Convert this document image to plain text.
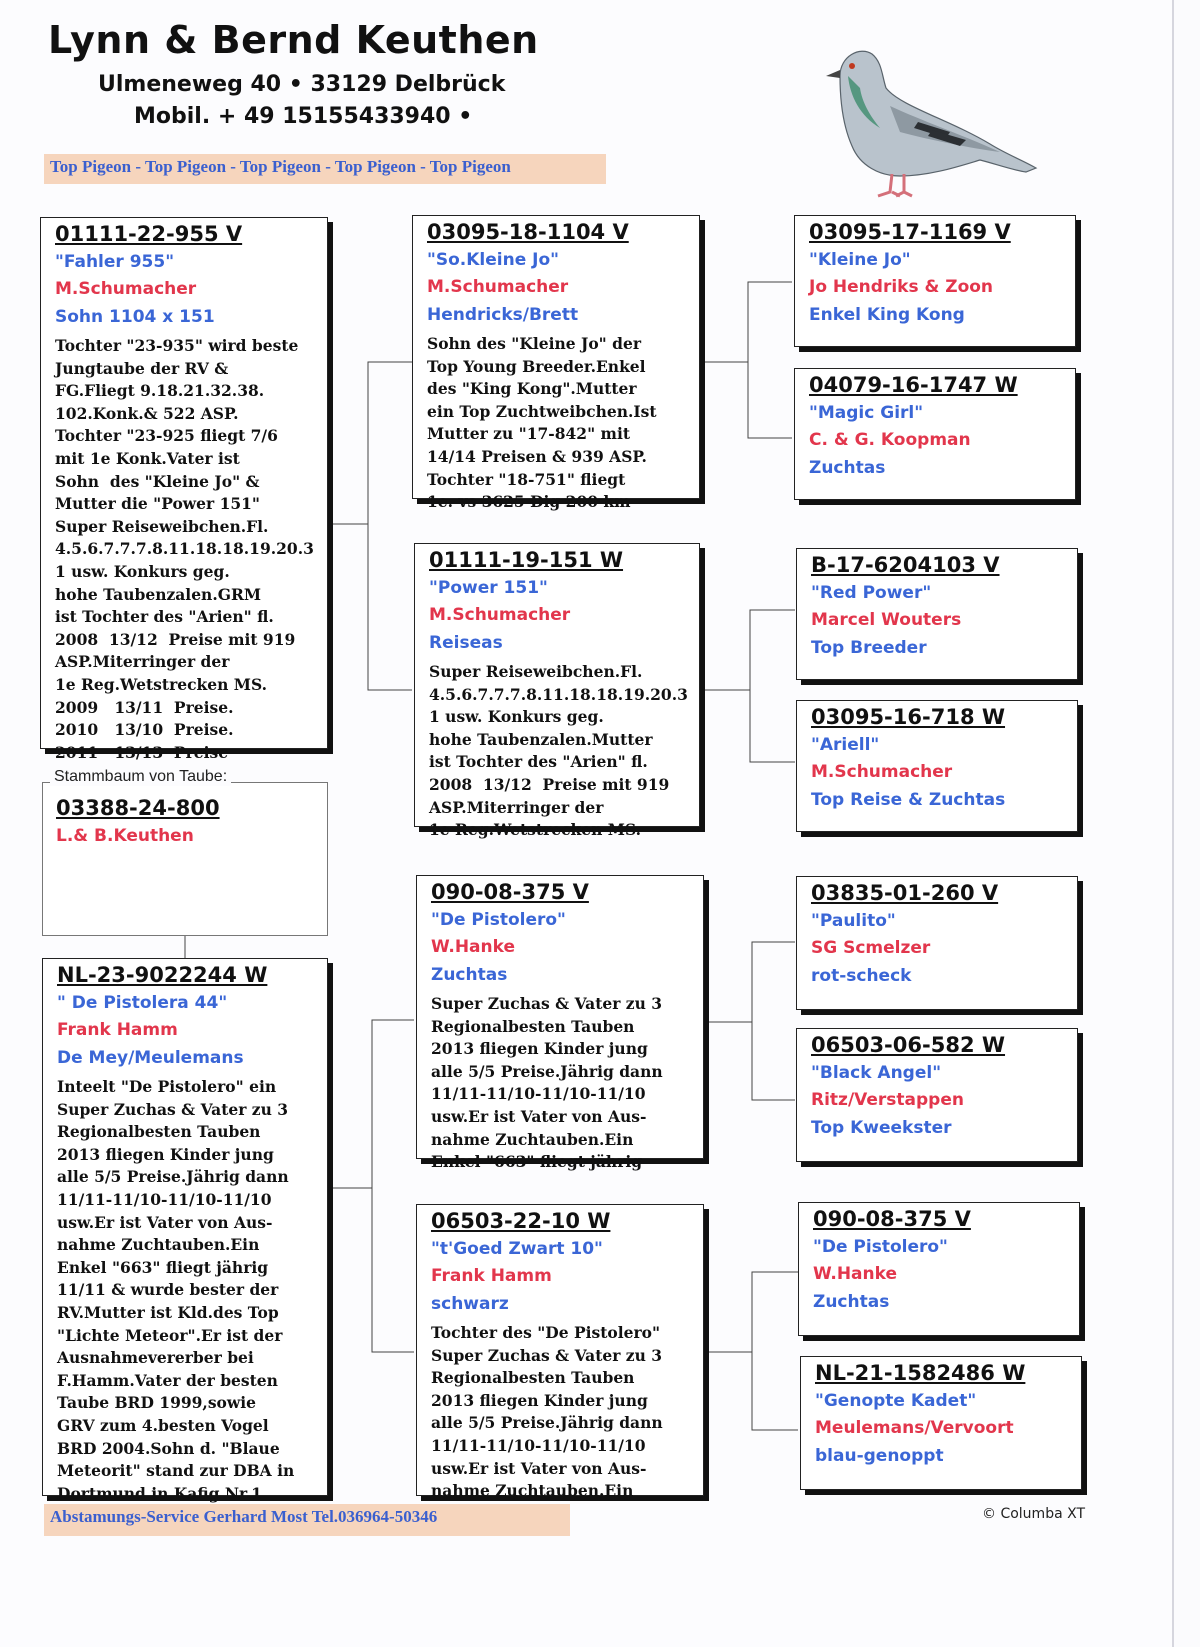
Lynn & Bernd Keuthen
Ulmeneweg 40 • 33129 Delbrück
Mobil. + 49 15155433940 •
Top Pigeon - Top Pigeon - Top Pigeon - Top Pigeon - Top Pigeon
01111-22-955 V
"Fahler 955"
M.Schumacher
Sohn 1104 x 151
Tochter "23-935" wird beste
Jungtaube der RV &
FG.Fliegt 9.18.21.32.38.
102.Konk.& 522 ASP.
Tochter "23-925 fliegt 7/6
mit 1e Konk.Vater ist
Sohn  des "Kleine Jo" &
Mutter die "Power 151"
Super Reiseweibchen.Fl.
4.5.6.7.7.7.8.11.18.18.19.20.3
1 usw. Konkurs geg.
hohe Taubenzalen.GRM
ist Tochter des "Arien" fl.
2008  13/12  Preise mit 919
ASP.Miterringer der
1e Reg.Wetstrecken MS.
2009   13/11  Preise.
2010   13/10  Preise.
2011   13/13  Preise
Stammbaum von Taube:
03388-24-800
L.& B.Keuthen
NL-23-9022244 W
" De Pistolera 44"
Frank Hamm
De Mey/Meulemans
Inteelt "De Pistolero" ein
Super Zuchas & Vater zu 3
Regionalbesten Tauben
2013 fliegen Kinder jung
alle 5/5 Preise.Jährig dann
11/11-11/10-11/10-11/10
usw.Er ist Vater von Aus-
nahme Zuchtauben.Ein
Enkel "663" fliegt jährig
11/11 & wurde bester der
RV.Mutter ist Kld.des Top
"Lichte Meteor".Er ist der
Ausnahmevererber bei
F.Hamm.Vater der besten
Taube BRD 1999,sowie
GRV zum 4.besten Vogel
BRD 2004.Sohn d. "Blaue
Meteorit" stand zur DBA in
Dortmund in Kafig Nr.1
03095-18-1104 V
"So.Kleine Jo"
M.Schumacher
Hendricks/Brett
Sohn des "Kleine Jo" der
Top Young Breeder.Enkel
des "King Kong".Mutter
ein Top Zuchtweibchen.Ist
Mutter zu "17-842" mit
14/14 Preisen & 939 ASP.
Tochter "18-751" fliegt
1e. vs 3625 Dig 200 km
01111-19-151 W
"Power 151"
M.Schumacher
Reiseas
Super Reiseweibchen.Fl.
4.5.6.7.7.7.8.11.18.18.19.20.3
1 usw. Konkurs geg.
hohe Taubenzalen.Mutter
ist Tochter des "Arien" fl.
2008  13/12  Preise mit 919
ASP.Miterringer der
1e Reg.Wetstrecken MS.
090-08-375 V
"De Pistolero"
W.Hanke
Zuchtas
Super Zuchas & Vater zu 3
Regionalbesten Tauben
2013 fliegen Kinder jung
alle 5/5 Preise.Jährig dann
11/11-11/10-11/10-11/10
usw.Er ist Vater von Aus-
nahme Zuchtauben.Ein
Enkel "663" fliegt jährig
06503-22-10 W
"t'Goed Zwart 10"
Frank Hamm
schwarz
Tochter des "De Pistolero"
Super Zuchas & Vater zu 3
Regionalbesten Tauben
2013 fliegen Kinder jung
alle 5/5 Preise.Jährig dann
11/11-11/10-11/10-11/10
usw.Er ist Vater von Aus-
nahme Zuchtauben.Ein
03095-17-1169 V
"Kleine Jo"
Jo Hendriks & Zoon
Enkel King Kong
04079-16-1747 W
"Magic Girl"
C. & G. Koopman
Zuchtas
B-17-6204103 V
"Red Power"
Marcel Wouters
Top Breeder
03095-16-718 W
"Ariell"
M.Schumacher
Top Reise & Zuchtas
03835-01-260 V
"Paulito"
SG Scmelzer
rot-scheck
06503-06-582 W
"Black Angel"
Ritz/Verstappen
Top Kweekster
090-08-375 V
"De Pistolero"
W.Hanke
Zuchtas
NL-21-1582486 W
"Genopte Kadet"
Meulemans/Vervoort
blau-genoppt
Abstamungs-Service Gerhard Most Tel.036964-50346	© Columba XT
